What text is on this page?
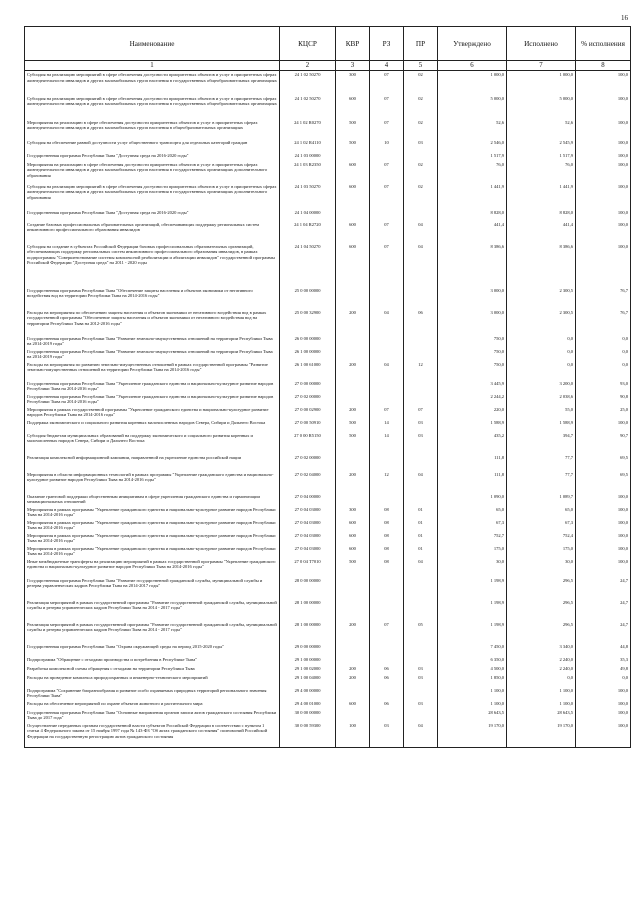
16
Наименование	КЦСР	КВР	РЗ	ПР	Утверждено	Исполнено	% исполнения
1	2	3	4	5	6	7	8
Субсидия на реализацию мероприятий в сфере обеспечения доступности приоритетных объектов и услуг в приоритетных сферах жизнедеятельности инвалидов и других маломобильных групп населения в государственных общеобразовательных организациях	24 1 02 50270	300	07	02	1 000,0	1 000,0	100,0
Субсидия на реализацию мероприятий в сфере обеспечения доступности приоритетных объектов и услуг в приоритетных сферах жизнедеятельности инвалидов и других маломобильных групп населения в государственных общеобразовательных организациях	24 1 02 50270	600	07	02	5 000,0	5 000,0	100,0
Мероприятия на реализацию в сфере обеспечения доступности приоритетных объектов и услуг в приоритетных сферах жизнедеятельности инвалидов и других маломобильных групп населения в общеобразовательных организациях	24 1 02 R0270	500	07	02	52,6	52,6	100,0
Субсидия на обеспечение равной доступности услуг общественного транспорта для отдельных категорий граждан	24 1 02 R4110	500	10	03	2 546,0	2 545,9	100,0
Государственная программа Республики Тыва "Доступная среда на 2016-2020 годы"	24 1 03 00000				1 517,9	1 517,9	100,0
Мероприятия на реализацию в сфере обеспечения доступности приоритетных объектов и услуг в приоритетных сферах жизнедеятельности инвалидов и других маломобильных групп населения в государственных организациях дополнительного образования	24 1 03 R2350	600	07	02	76,0	76,0	100,0
Субсидия на реализацию мероприятий в сфере обеспечения доступности приоритетных объектов и услуг в приоритетных сферах жизнедеятельности инвалидов и других маломобильных групп населения в государственных организациях дополнительного образования	24 1 03 50270	600	07	02	1 441,9	1 441,9	100,0
Государственная программа Республики Тыва "Доступная среда на 2016-2020 годы"	24 1 04 00000				8 828,0	8 828,0	100,0
Создание базовых профессиональных образовательных организаций, обеспечивающих поддержку региональных систем инклюзивного профессионального образования инвалидов	24 1 04 R2720	600	07	04	441,4	441,4	100,0
Субсидия на создание в субъектах Российской Федерации базовых профессиональных образовательных организаций, обеспечивающих поддержку региональных систем инклюзивного профессионального образования инвалидов, в рамках подпрограммы "Совершенствование системы комплексной реабилитации и абилитации инвалидов" государственной программы Российской Федерации "Доступная среда" на 2011 - 2020 годы	24 1 04 50270	600	07	04	8 386,6	8 386,6	100,0
Государственная программа Республики Тыва "Обеспечение защиты населения и объектов экономики от негативного воздействия вод на территории Республики Тыва на 2014-2016 годы"	25 0 00 00000				3 000,0	2 300,5	76,7
Расходы на мероприятия по обеспечению защиты населения и объектов экономики от негативного воздействия вод в рамках государственной программы "Обеспечение защиты населения и объектов экономики от негативного воздействия вод на территории Республики Тыва на 2012-2016 годы"	25 0 00 32900	200	04	06	3 000,0	2 300,5	76,7
Государственная программа Республики Тыва "Развитие земельно-имущественных отношений на территории Республики Тыва на 2014-2019 годы"	26 0 00 00000				750,0	0,0	0,0
Государственная программа Республики Тыва "Развитие земельно-имущественных отношений на территории Республики Тыва на 2014-2019 годы"	26 1 00 00000				750,0	0,0	0,0
Расходы на мероприятия по развитию земельно-имущественных отношений в рамках государственной программы "Развитие земельно-имущественных отношений на территории Республики Тыва на 2014-2016 годы"	26 1 00 61000	200	04	12	750,0	0,0	0,0
Государственная программа Республики Тыва "Укрепление гражданского единства и национально-культурное развитие народов Республики Тыва на 2014-2016 годы"	27 0 00 00000				3 445,9	3 200,0	93,0
Государственная программа Республики Тыва "Укрепление гражданского единства и национально-культурное развитие народов Республики Тыва на 2014-2016 годы"	27 0 02 00000				2 244,2	2 038,6	90,8
Мероприятия в рамках государственной программы "Укрепление гражданского единства и национально-культурное развитие народов Республики Тыва на 2014-2016 годы"	27 0 00 02900	200	07	07	220,0	55,0	25,0
Поддержка экономического и социального развития коренных малочисленных народов Севера, Сибири и Дальнего Востока	27 0 00 50910	500	14	03	1 588,9	1 588,9	100,0
Субсидия бюджетам муниципальных образований на поддержку экономического и социального развития коренных и малочисленных народов Севера, Сибири и Дальнего Востока	27 0 00 R5150	500	14	03	435,2	394,7	90,7
Реализация комплексной информационной кампании, направленной на укрепление единства российской нации	27 0 02 00000				111,8	77,7	69,5
Мероприятия в области информационных технологий в рамках программы "Укрепление гражданского единства и национально-культурное развитие народов Республики Тыва на 2014-2016 годы"	27 0 02 04000	200	12	04	111,8	77,7	69,5
Оказание грантовой поддержки общественным инициативам в сфере укрепления гражданского единства и гармонизации межнациональных отношений	27 0 04 00000				1 090,0	1 089,7	100,0
Мероприятия в рамках программы "Укрепление гражданского единства и национально-культурное развитие народов Республики Тыва на 2014-2016 годы"	27 0 04 03000	300	08	01	65,0	65,0	100,0
Мероприятия в рамках программы "Укрепление гражданского единства и национально-культурное развитие народов Республики Тыва на 2014-2016 годы"	27 0 04 03000	600	08	01	67,3	67,3	100,0
Мероприятия в рамках программы "Укрепление гражданского единства и национально-культурное развитие народов Республики Тыва на 2014-2016 годы"	27 0 04 03000	600	08	01	752,7	752,4	100,0
Мероприятия в рамках программы "Укрепление гражданского единства и национально-культурное развитие народов Республики Тыва на 2014-2016 годы"	27 0 04 03000	600	08	01	175,0	175,0	100,0
Иные межбюджетные трансферты на реализацию мероприятий в рамках государственной программы "Укрепление гражданского единства и национально-культурное развитие народов Республики Тыва на 2014-2016 годы"	27 0 04 T7010	500	08	04	30,0	30,0	100,0
Государственная программа Республики Тыва "Развитие государственной гражданской службы, муниципальной службы и резерва управленческих кадров Республики Тыва на 2014-2017 годы"	28 0 00 00000				1 198,9	296,5	24,7
Реализация мероприятий в рамках государственной программы "Развитие государственной гражданской службы, муниципальной службы и резерва управленческих кадров Республики Тыва на 2014 - 2017 годы"	28 1 00 00000				1 198,9	296,5	24,7
Реализация мероприятий в рамках государственной программы "Развитие государственной гражданской службы, муниципальной службы и резерва управленческих кадров Республики Тыва на 2014 - 2017 годы"	28 1 00 00000	200	07	05	1 198,9	296,5	24,7
Государственная программа Республики Тыва "Охрана окружающей среды на период 2015-2020 годы"	29 0 00 00000				7 450,0	3 340,0	44,8
Подпрограмма "Обращение с отходами производства и потребления в Республике Тыва"	29 1 00 00000				6 350,0	2 240,0	35,3
Разработка комплексной схемы обращения с отходами на территории Республики Тыва	29 1 00 02000	200	06	03	4 500,0	2 240,0	49,8
Расходы на проведение комплекса природоохранных и инженерно-технического мероприятий	29 1 00 04000	200	06	03	1 850,0	0,0	0,0
Подпрограмма "Сохранение биоразнообразия и развитие особо охраняемых природных территорий регионального значения Республики Тыва"	29 4 00 00000				1 100,0	1 100,0	100,0
Расходы на обеспечение мероприятий по охране объектов животного и растительного мира	29 4 00 01000	600	06	03	1 100,0	1 100,0	100,0
Государственная программа Республики Тыва "Основные направления органов записи актов гражданского состояния Республики Тыва до 2017 года"	30 0 00 00000				28 643,5	28 643,5	100,0
Осуществление переданных органам государственной власти субъектов Российской Федерации в соответствии с пунктом 1 статьи 4 Федерального закона от 15 ноября 1997 года № 143-ФЗ "Об актах гражданского состояния" полномочий Российской Федерации на государственную регистрацию актов гражданского состояния	30 0 00 59300	100	03	04	19 170,0	19 170,0	100,0
